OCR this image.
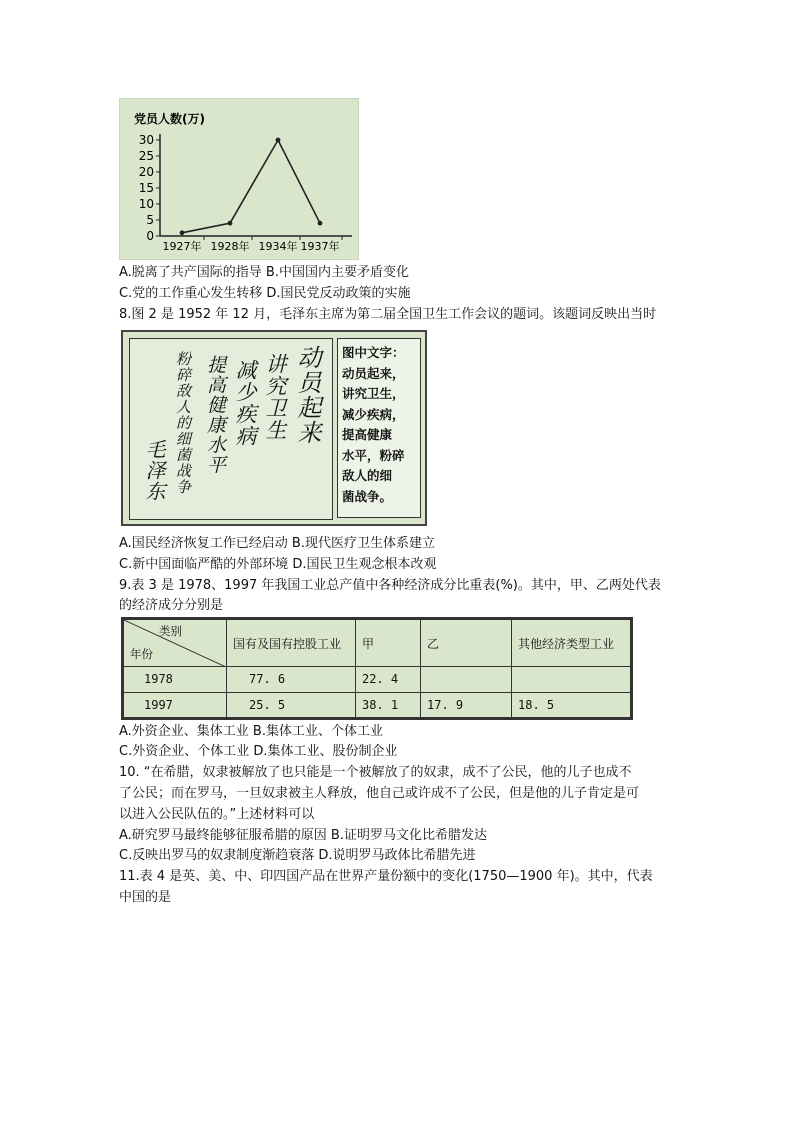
党员人数(万)
30
25
20
15
10
5
0
1927年 1928年 1934年 1937年
A.脱离了共产国际的指导 B.中国国内主要矛盾变化
C.党的工作重心发生转移 D.国民党反动政策的实施
8.图 2 是 1952 年 12 月，毛泽东主席为第二届全国卫生工作会议的题词。该题词反映出当时
动员起来
讲究卫生
减少疾病
提高健康水平
粉碎敌人的细菌战争
毛泽东
图中文字：
动员起来，
讲究卫生，
减少疾病，
提高健康
水平，粉碎
敌人的细
菌战争。
A.国民经济恢复工作已经启动 B.现代医疗卫生体系建立
C.新中国面临严酷的外部环境 D.国民卫生观念根本改观
9.表 3 是 1978、1997 年我国工业总产值中各种经济成分比重表(%)。其中，甲、乙两处代表
的经济成分分别是
类别
年份	国有及国有控股工业	甲	乙	其他经济类型工业
1978	77. 6	22. 4		
1997	25. 5	38. 1	17. 9	18. 5
A.外资企业、集体工业 B.集体工业、个体工业
C.外资企业、个体工业 D.集体工业、股份制企业
10. “在希腊，奴隶被解放了也只能是一个被解放了的奴隶，成不了公民，他的儿子也成不
了公民；而在罗马，一旦奴隶被主人释放，他自己或许成不了公民，但是他的儿子肯定是可
以进入公民队伍的。”上述材料可以
A.研究罗马最终能够征服希腊的原因 B.证明罗马文化比希腊发达
C.反映出罗马的奴隶制度渐趋衰落 D.说明罗马政体比希腊先进
11.表 4 是英、美、中、印四国产品在世界产量份额中的变化(1750—1900 年)。其中，代表
中国的是
